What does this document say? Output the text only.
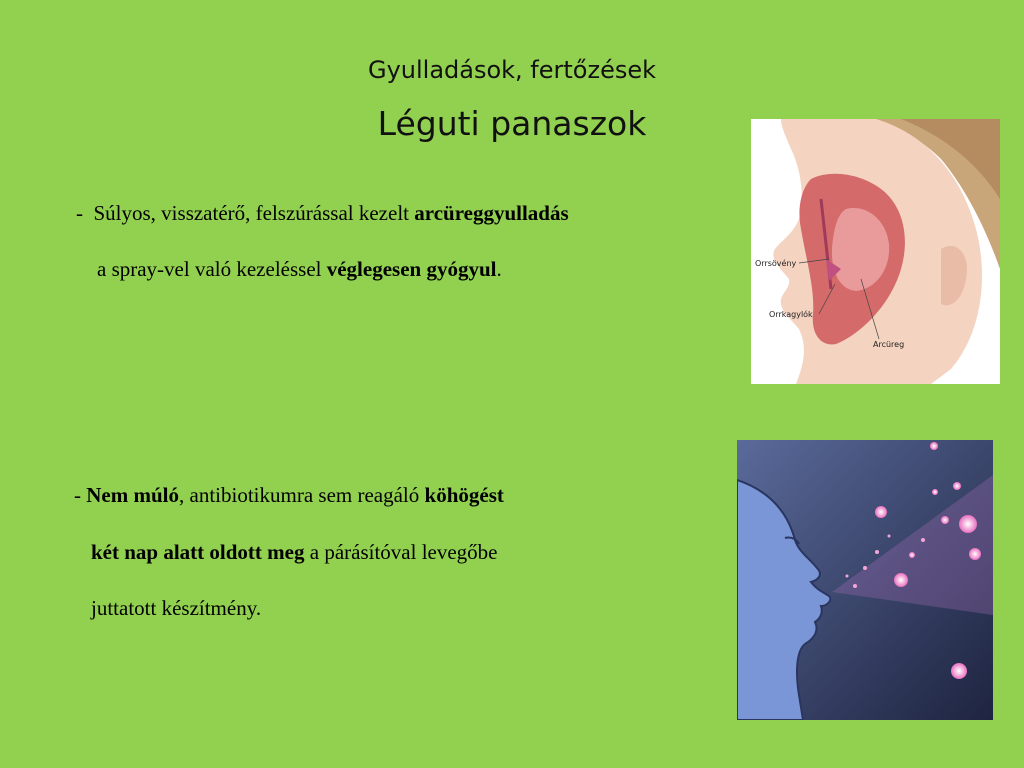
Gyulladások, fertőzések
Léguti panaszok
- Súlyos, visszatérő, felszúrással kezelt arcüreggyulladás
a spray-vel való kezeléssel véglegesen gyógyul.
- Nem múló, antibiotikumra sem reagáló köhögést
két nap alatt oldott meg a párásítóval levegőbe
juttatott készítmény.
Orrsövény
Orrkagylók
Arcüreg
